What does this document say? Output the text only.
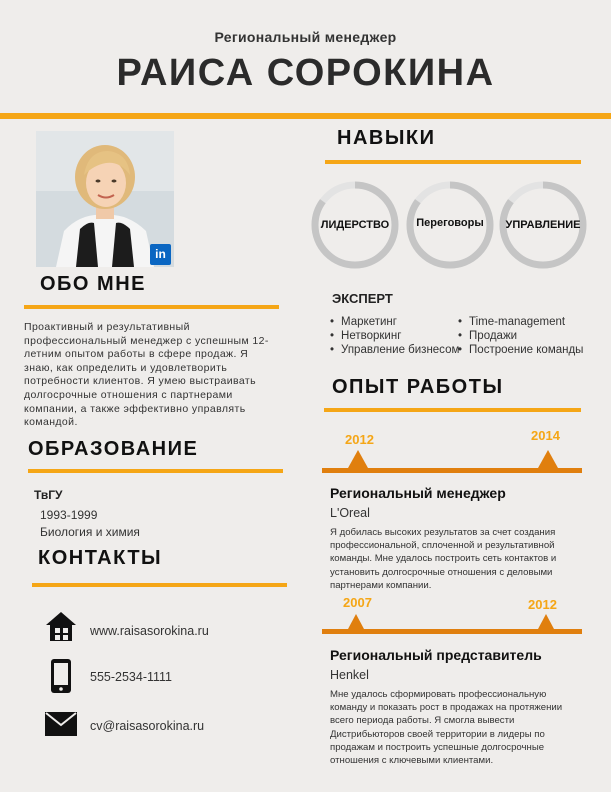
Региональный менеджер
РАИСА СОРОКИНА
in
ОБО МНЕ
Проактивный и результативный профессиональный менеджер с успешным 12-летним опытом работы в сфере продаж. Я знаю, как определить и удовлетворить потребности клиентов. Я умею выстраивать долгосрочные отношения с партнерами компании, а также эффективно управлять командой.
ОБРАЗОВАНИЕ
ТвГУ
1993-1999
Биология и химия
КОНТАКТЫ
www.raisasorokina.ru
555-2534-1111
cv@raisasorokina.ru
НАВЫКИ
ЛИДЕРСТВО	Переговоры	УПРАВЛЕНИЕ
ЭКСПЕРТ
• Маркетинг
• Нетворкинг
• Управление бизнесом
• Time-management
• Продажи
• Построение команды
ОПЫТ РАБОТЫ
2012	2014
Региональный менеджер
L'Oreal
Я добилась высоких результатов за счет создания профессиональной, сплоченной и результативной команды. Мне удалось построить сеть контактов и установить долгосрочные отношения с деловыми партнерами компании.
2007	2012
Региональный представитель
Henkel
Мне удалось сформировать профессиональную команду и показать рост в продажах на протяжении всего периода работы. Я смогла вывести Дистрибьюторов своей территории в лидеры по продажам и построить успешные долгосрочные отношения с ключевыми клиентами.
